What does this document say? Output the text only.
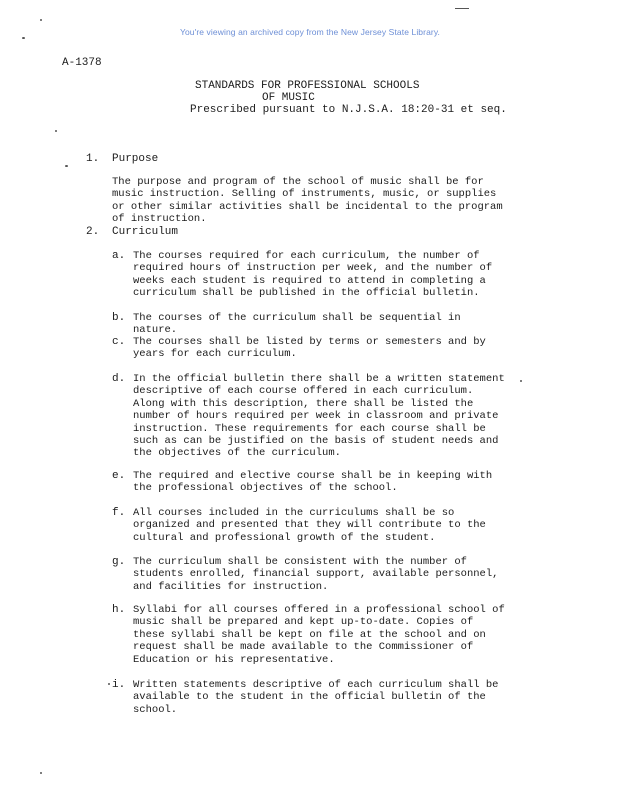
You're viewing an archived copy from the New Jersey State Library.
A-1378
STANDARDS FOR PROFESSIONAL SCHOOLS
OF MUSIC
Prescribed pursuant to N.J.S.A. 18:20-31 et seq.
1. Purpose

The purpose and program of the school of music shall be for music instruction. Selling of instruments, music, or supplies or other similar activities shall be incidental to the program of instruction.

2. Curriculum
a. The courses required for each curriculum, the number of required hours of instruction per week, and the number of weeks each student is required to attend in completing a curriculum shall be published in the official bulletin.

b. The courses of the curriculum shall be sequential in nature.

c. The courses shall be listed by terms or semesters and by years for each curriculum.

d. In the official bulletin there shall be a written statement descriptive of each course offered in each curriculum. Along with this description, there shall be listed the number of hours required per week in classroom and private instruction. These requirements for each course shall be such as can be justified on the basis of student needs and the objectives of the curriculum.

e. The required and elective course shall be in keeping with the professional objectives of the school.

f. All courses included in the curriculums shall be so organized and presented that they will contribute to the cultural and professional growth of the student.

g. The curriculum shall be consistent with the number of students enrolled, financial support, available personnel, and facilities for instruction.

h. Syllabi for all courses offered in a professional school of music shall be prepared and kept up-to-date. Copies of these syllabi shall be kept on file at the school and on request shall be made available to the Commissioner of Education or his representative.

i. Written statements descriptive of each curriculum shall be available to the student in the official bulletin of the school.
